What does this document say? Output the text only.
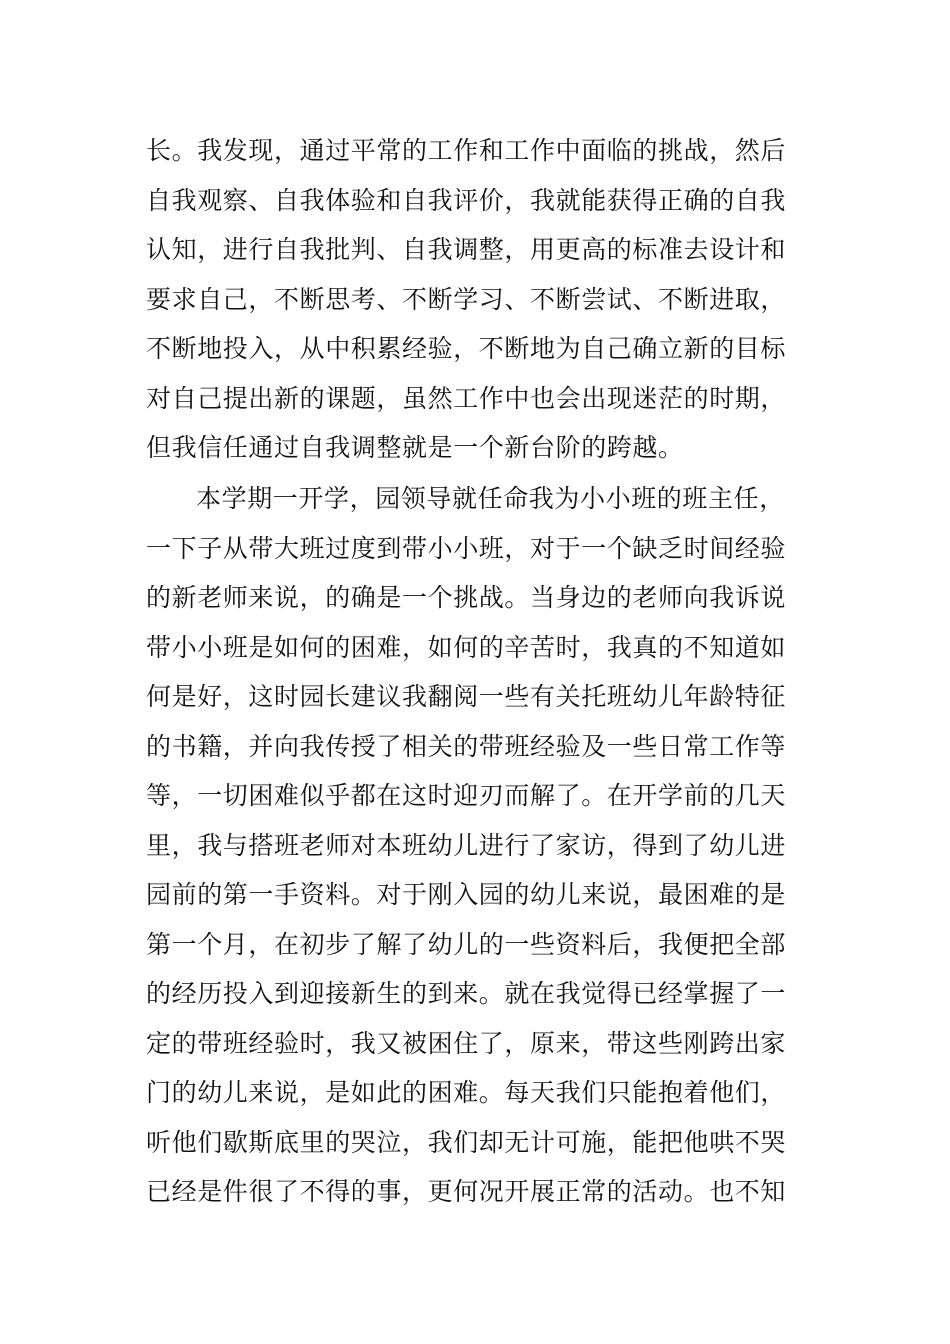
长。我发现，通过平常的工作和工作中面临的挑战，然后
自我观察、自我体验和自我评价，我就能获得正确的自我
认知，进行自我批判、自我调整，用更高的标准去设计和
要求自己，不断思考、不断学习、不断尝试、不断进取，
不断地投入，从中积累经验，不断地为自己确立新的目标
对自己提出新的课题，虽然工作中也会出现迷茫的时期，
但我信任通过自我调整就是一个新台阶的跨越。
本学期一开学，园领导就任命我为小小班的班主任，
一下子从带大班过度到带小小班，对于一个缺乏时间经验
的新老师来说，的确是一个挑战。当身边的老师向我诉说
带小小班是如何的困难，如何的辛苦时，我真的不知道如
何是好，这时园长建议我翻阅一些有关托班幼儿年龄特征
的书籍，并向我传授了相关的带班经验及一些日常工作等
等，一切困难似乎都在这时迎刃而解了。在开学前的几天
里，我与搭班老师对本班幼儿进行了家访，得到了幼儿进
园前的第一手资料。对于刚入园的幼儿来说，最困难的是
第一个月，在初步了解了幼儿的一些资料后，我便把全部
的经历投入到迎接新生的到来。就在我觉得已经掌握了一
定的带班经验时，我又被困住了，原来，带这些刚跨出家
门的幼儿来说，是如此的困难。每天我们只能抱着他们，
听他们歇斯底里的哭泣，我们却无计可施，能把他哄不哭
已经是件很了不得的事，更何况开展正常的活动。也不知
